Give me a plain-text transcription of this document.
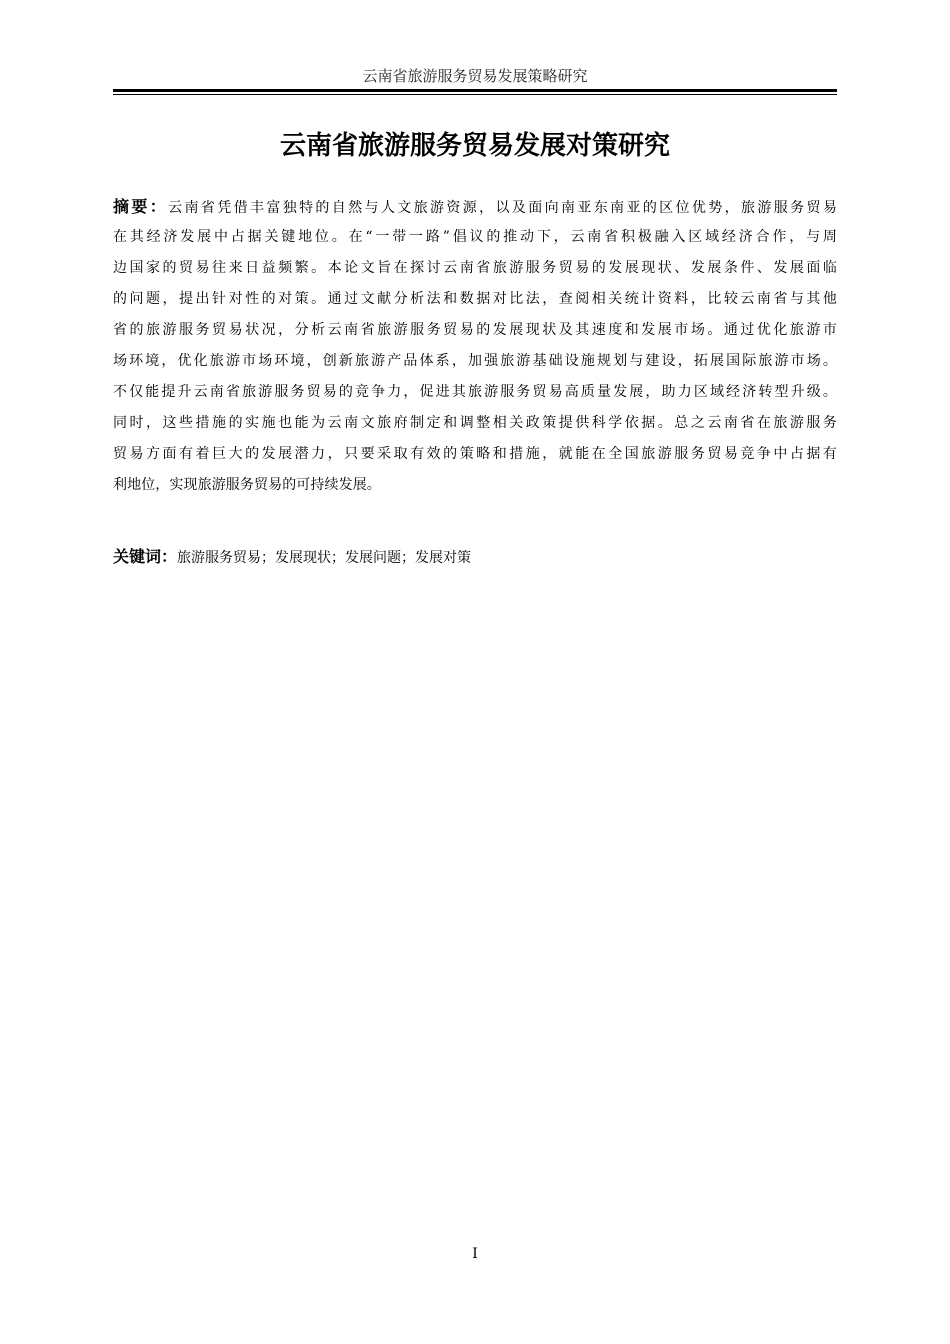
云南省旅游服务贸易发展策略研究
云南省旅游服务贸易发展对策研究
摘要：云南省凭借丰富独特的自然与人文旅游资源，以及面向南亚东南亚的区位优势，旅游服务贸易
在其经济发展中占据关键地位。在“一带一路”倡议的推动下，云南省积极融入区域经济合作，与周
边国家的贸易往来日益频繁。本论文旨在探讨云南省旅游服务贸易的发展现状、发展条件、发展面临
的问题，提出针对性的对策。通过文献分析法和数据对比法，查阅相关统计资料，比较云南省与其他
省的旅游服务贸易状况，分析云南省旅游服务贸易的发展现状及其速度和发展市场。通过优化旅游市
场环境，优化旅游市场环境，创新旅游产品体系，加强旅游基础设施规划与建设，拓展国际旅游市场。
不仅能提升云南省旅游服务贸易的竞争力，促进其旅游服务贸易高质量发展，助力区域经济转型升级。
同时，这些措施的实施也能为云南文旅府制定和调整相关政策提供科学依据。总之云南省在旅游服务
贸易方面有着巨大的发展潜力，只要采取有效的策略和措施，就能在全国旅游服务贸易竞争中占据有
利地位，实现旅游服务贸易的可持续发展。
关键词：旅游服务贸易；发展现状；发展问题；发展对策
I
